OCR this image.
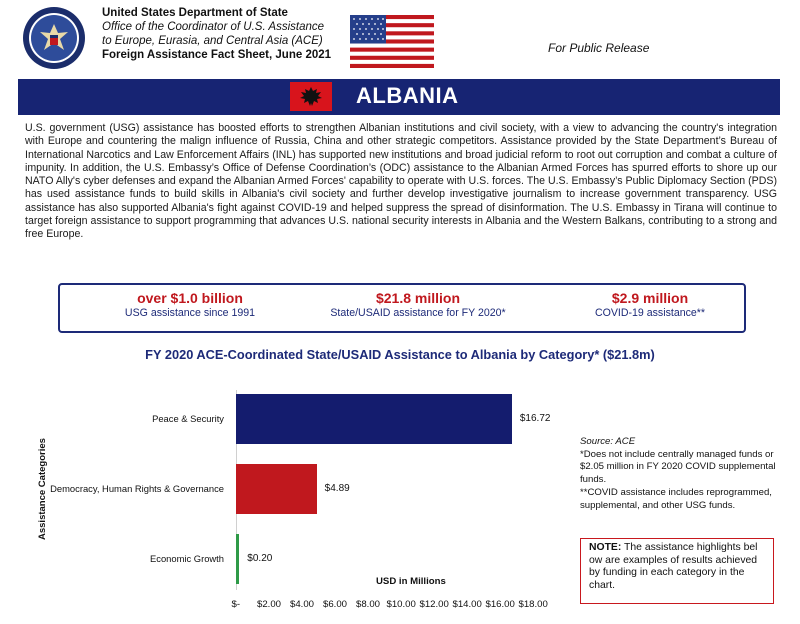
United States Department of State
Office of the Coordinator of U.S. Assistance
to Europe, Eurasia, and Central Asia (ACE)
Foreign Assistance Fact Sheet, June 2021	For Public Release
ALBANIA
U.S. government (USG) assistance has boosted efforts to strengthen Albanian institutions and civil society, with a view to advancing the country's integration with Europe and countering the malign influence of Russia, China and other strategic competitors. Assistance provided by the State Department’s Bureau of International Narcotics and Law Enforcement Affairs (INL) has supported new institutions and broad judicial reform to root out corruption and combat a culture of impunity. In addition, the U.S. Embassy’s Office of Defense Coordination’s (ODC) assistance to the Albanian Armed Forces has spurred efforts to shore up our NATO Ally's cyber defenses and expand the Albanian Armed Forces' capability to operate with U.S. forces. The U.S. Embassy’s Public Diplomacy Section (PDS) has used assistance funds to build skills in Albania's civil society and further develop investigative journalism to increase government transparency. USG assistance has also supported Albania's fight against COVID-19 and helped suppress the spread of disinformation. The U.S. Embassy in Tirana will continue to target foreign assistance to support programming that advances U.S. national security interests in Albania and the Western Balkans, contributing to a strong and free Europe.
over $1.0 billion
USG assistance since 1991
$21.8 million
State/USAID assistance for FY 2020*
$2.9 million
COVID-19 assistance**
FY 2020 ACE-Coordinated State/USAID Assistance to Albania by Category* ($21.8m)
Assistance Categories
Peace & Security	$16.72
Democracy, Human Rights & Governance	$4.89
Economic Growth $0.20
$- $2.00 $4.00 $6.00 $8.00 $10.00 $12.00 $14.00 $16.00 $18.00
USD in Millions
Source: ACE
*Does not include centrally managed funds or $2.05 million in FY 2020 COVID supplemental funds.
**COVID assistance includes reprogrammed, supplemental, and other USG funds.
NOTE: The assistance highlights bel ow are examples of results achieved by funding in each category in the chart.
